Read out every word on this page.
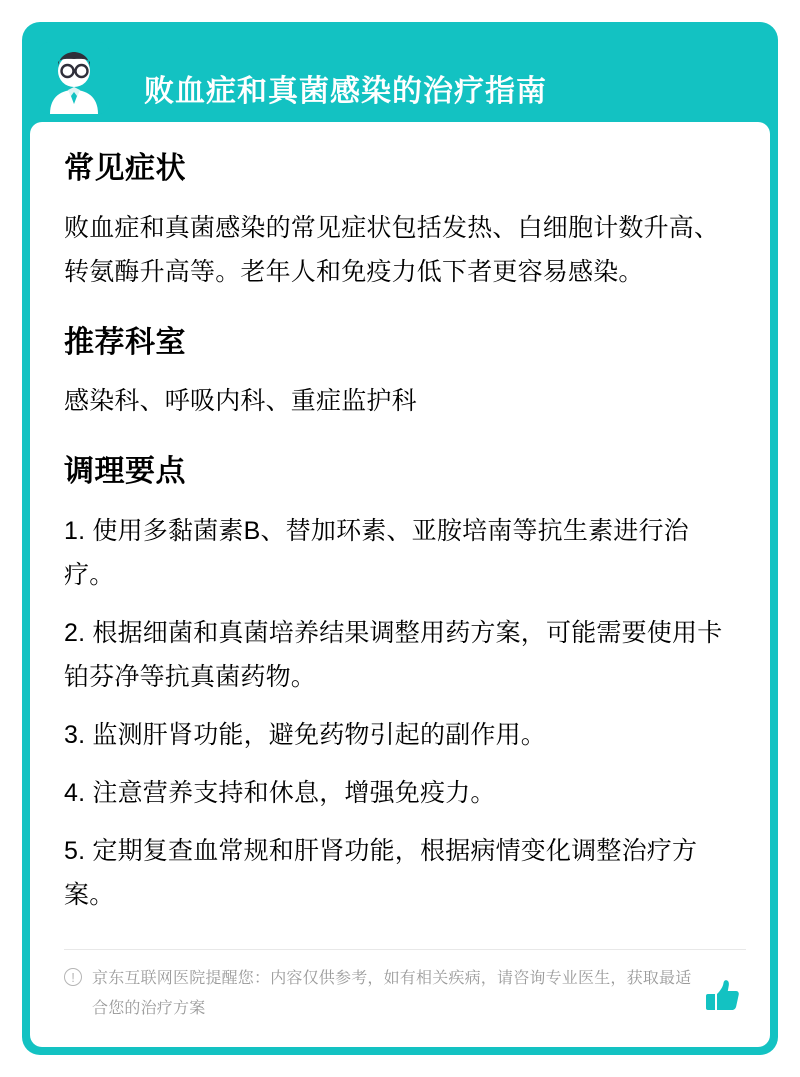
败血症和真菌感染的治疗指南
常见症状

败血症和真菌感染的常见症状包括发热、白细胞计数升高、转氨酶升高等。老年人和免疫力低下者更容易感染。

推荐科室

感染科、呼吸内科、重症监护科

调理要点

1. 使用多黏菌素B、替加环素、亚胺培南等抗生素进行治疗。

2. 根据细菌和真菌培养结果调整用药方案，可能需要使用卡铂芬净等抗真菌药物。

3. 监测肝肾功能，避免药物引起的副作用。

4. 注意营养支持和休息，增强免疫力。

5. 定期复查血常规和肝肾功能，根据病情变化调整治疗方案。

!	京东互联网医院提醒您：内容仅供参考，如有相关疾病，请咨询专业医生，获取最适合您的治疗方案
